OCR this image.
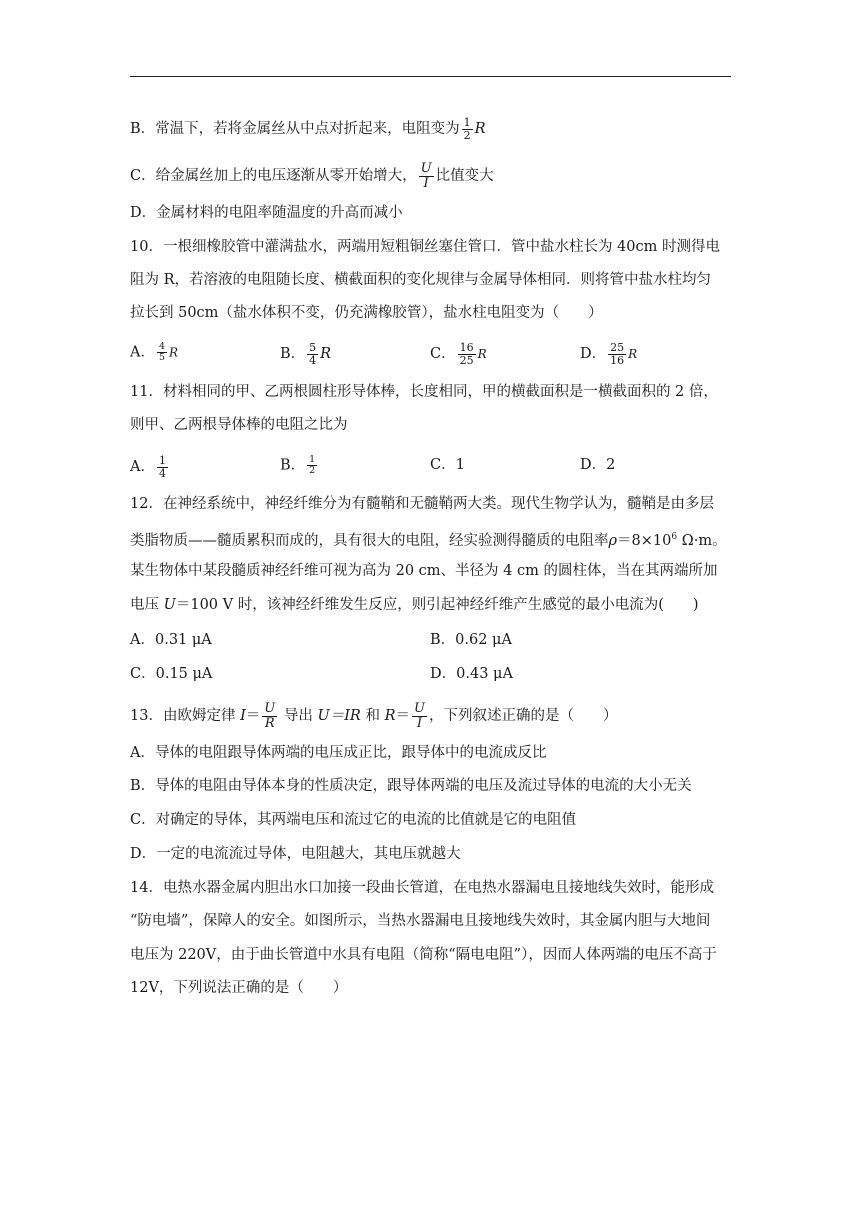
B．常温下，若将金属丝从中点对折起来，电阻变为 $\frac{1}{2}$ R
C．给金属丝加上的电压逐渐从零开始增大， $\frac{U}{I}$ 比值变大
D．金属材料的电阻率随温度的升高而减小
10．一根细橡胶管中灌满盐水，两端用短粗铜丝塞住管口．管中盐水柱长为 40cm 时测得电
阻为 R，若溶液的电阻随长度、横截面积的变化规律与金属导体相同．则将管中盐水柱均匀
拉长到 50cm（盐水体积不变，仍充满橡胶管），盐水柱电阻变为（　　）
A． $\frac{4}{5}$ R	B． $\frac{5}{4}$ R	C． $\frac{16}{25}$ R	D． $\frac{25}{16}$ R
11．材料相同的甲、乙两根圆柱形导体棒，长度相同，甲的横截面积是一横截面积的 2 倍，
则甲、乙两根导体棒的电阻之比为
A． $\frac{1}{4}$	B． $\frac{1}{2}$	C．1	D．2
12．在神经系统中，神经纤维分为有髓鞘和无髓鞘两大类。现代生物学认为，髓鞘是由多层
类脂物质——髓质累积而成的，具有很大的电阻，经实验测得髓质的电阻率$\rho=8\times 10^6$ Ω·m。
某生物体中某段髓质神经纤维可视为高为 20 cm、半径为 4 cm 的圆柱体，当在其两端所加
电压 U＝100 V 时，该神经纤维发生反应，则引起神经纤维产生感觉的最小电流为(　　)
A．0.31 μA	B．0.62 μA
C．0.15 μA	D．0.43 μA
13．由欧姆定律 $I= \frac{U}{R}$ 导出 U＝IR 和 $R= \frac{U}{I}$ ，下列叙述正确的是（　　）
A．导体的电阻跟导体两端的电压成正比，跟导体中的电流成反比
B．导体的电阻由导体本身的性质决定，跟导体两端的电压及流过导体的电流的大小无关
C．对确定的导体，其两端电压和流过它的电流的比值就是它的电阻值
D．一定的电流流过导体，电阻越大，其电压就越大
14．电热水器金属内胆出水口加接一段曲长管道，在电热水器漏电且接地线失效时，能形成
“防电墙”，保障人的安全。如图所示，当热水器漏电且接地线失效时，其金属内胆与大地间
电压为 220V，由于曲长管道中水具有电阻（简称“隔电电阻”），因而人体两端的电压不高于
12V，下列说法正确的是（　　）
